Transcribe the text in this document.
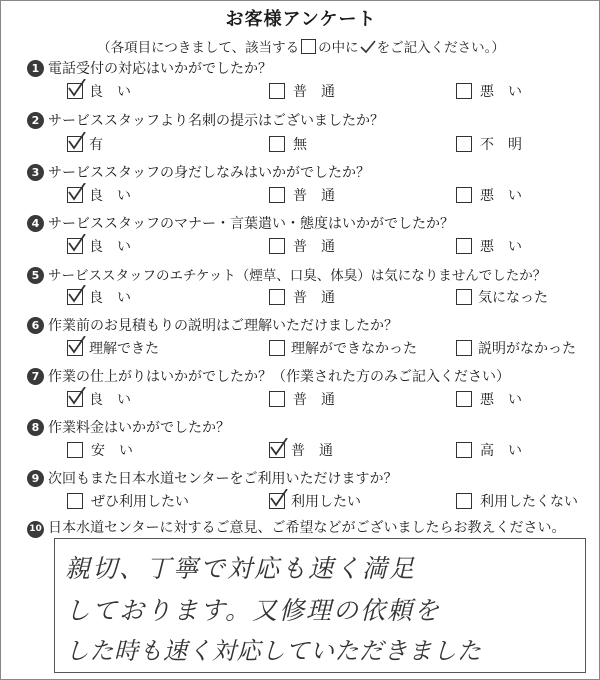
お客様アンケート
（各項目につきまして、該当する の中に をご記入ください。）
1 電話受付の対応はいかがでしたか？
良　い	普　通	悪　い
2 サービススタッフより名刺の提示はございましたか？
有	無	不　明
3 サービススタッフの身だしなみはいかがでしたか？
良　い	普　通	悪　い
4 サービススタッフのマナー・言葉遣い・態度はいかがでしたか？
良　い	普　通	悪　い
5 サービススタッフのエチケット（煙草、口臭、体臭）は気になりませんでしたか？
良　い	普　通	気になった
6 作業前のお見積もりの説明はご理解いただけましたか？
理解できた	理解ができなかった	説明がなかった
7 作業の仕上がりはいかがでしたか？（作業された方のみご記入ください）
良　い	普　通	悪　い
8 作業料金はいかがでしたか？
安　い	普　通	高　い
9 次回もまた日本水道センターをご利用いただけますか？
ぜひ利用したい	利用したい	利用したくない
10 日本水道センターに対するご意見、ご希望などがございましたらお教えください。
親切、丁寧で対応も速く満足
しております。又修理の依頼を
した時も速く対応していただきました
